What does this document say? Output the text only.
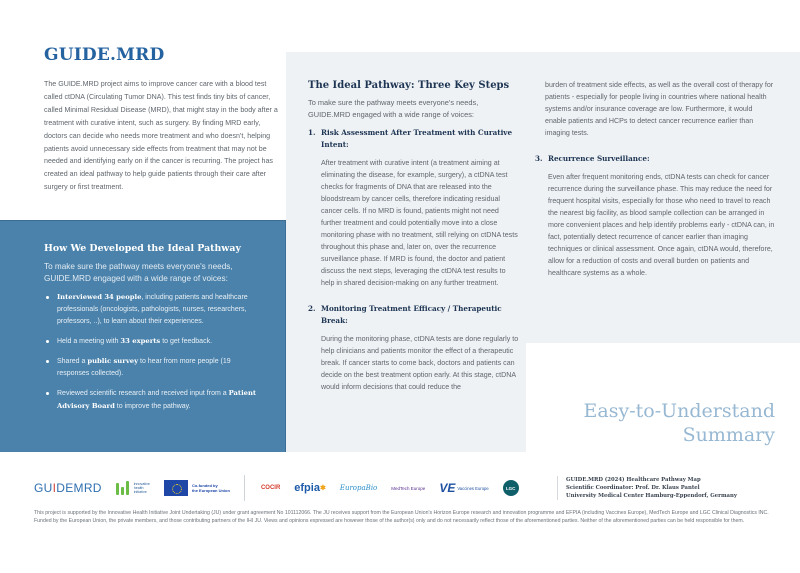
GUIDE.MRD

The GUIDE.MRD project aims to improve cancer care with a blood test called ctDNA (Circulating Tumor DNA). This test finds tiny bits of cancer, called Minimal Residual Disease (MRD), that might stay in the body after a treatment with curative intent, such as surgery. By finding MRD early, doctors can decide who needs more treatment and who doesn't, helping patients avoid unnecessary side effects from treatment that may not be needed and identifying early on if the cancer is recurring. The project has created an ideal pathway to help guide patients through their care after surgery or first treatment.

How We Developed the Ideal Pathway

To make sure the pathway meets everyone's needs, GUIDE.MRD engaged with a wide range of voices:

Interviewed 34 people, including patients and healthcare professionals (oncologists, pathologists, nurses, researchers, professors, ..), to learn about their experiences.
Held a meeting with 33 experts to get feedback.
Shared a public survey to hear from more people (19 responses collected).
Reviewed scientific research and received input from a Patient Advisory Board to improve the pathway.
The Ideal Pathway: Three Key Steps

To make sure the pathway meets everyone's needs, GUIDE.MRD engaged with a wide range of voices:

1. Risk Assessment After Treatment with Curative Intent:

After treatment with curative intent (a treatment aiming at eliminating the disease, for example, surgery), a ctDNA test checks for fragments of DNA that are released into the bloodstream by cancer cells, therefore indicating residual cancer cells. If no MRD is found, patients might not need further treatment and could potentially move into a close monitoring phase with no treatment, still relying on ctDNA tests throughout this phase and, later on, over the recurrence surveillance phase. If MRD is found, the doctor and patient discuss the next steps, leveraging the ctDNA test results to help in shared decision-making on any further treatment.

2. Monitoring Treatment Efficacy / Therapeutic Break:

During the monitoring phase, ctDNA tests are done regularly to help clinicians and patients monitor the effect of a therapeutic break. If cancer starts to come back, doctors and patients can decide on the best treatment option early. At this stage, ctDNA would inform decisions that could reduce the

burden of treatment side effects, as well as the overall cost of therapy for patients - especially for people living in countries where national health systems and/or insurance coverage are low. Furthermore, it would enable patients and HCPs to detect cancer recurrence earlier than imaging tests.

3. Recurrence Surveillance:

Even after frequent monitoring ends, ctDNA tests can check for cancer recurrence during the surveillance phase. This may reduce the need for frequent hospital visits, especially for those who need to travel to reach the nearest big facility, as blood sample collection can be arranged in more convenient places and help identify problems early - ctDNA can, in fact, potentially detect recurrence of cancer earlier than imaging techniques or clinical assessment. Once again, ctDNA would, therefore, allow for a reduction of costs and overall burden on patients and healthcare systems as a whole.

Easy-to-Understand
Summary
GU I DEMRD	innovative
health
initiative
Co-funded by
the European Union	COCIR efpia ✱ EuropaBio	MedTech Europe VE Vaccines Europe	LGC
GUIDE.MRD (2024) Healthcare Pathway Map
Scientific Coordinator: Prof. Dr. Klaus Pantel
University Medical Center Hamburg-Eppendorf, Germany

This project is supported by the Innovative Health Initiative Joint Undertaking (JU) under grant agreement No 101112066. The JU receives support from the European Union's Horizon Europe research and innovation programme and EFPIA (including Vaccines Europe), MedTech Europe and LGC Clinical Diagnostics INC. Funded by the European Union, the private members, and those contributing partners of the IHI JU. Views and opinions expressed are however those of the author(s) only and do not necessarily reflect those of the aforementioned parties. Neither of the aforementioned parties can be held responsible for them.
